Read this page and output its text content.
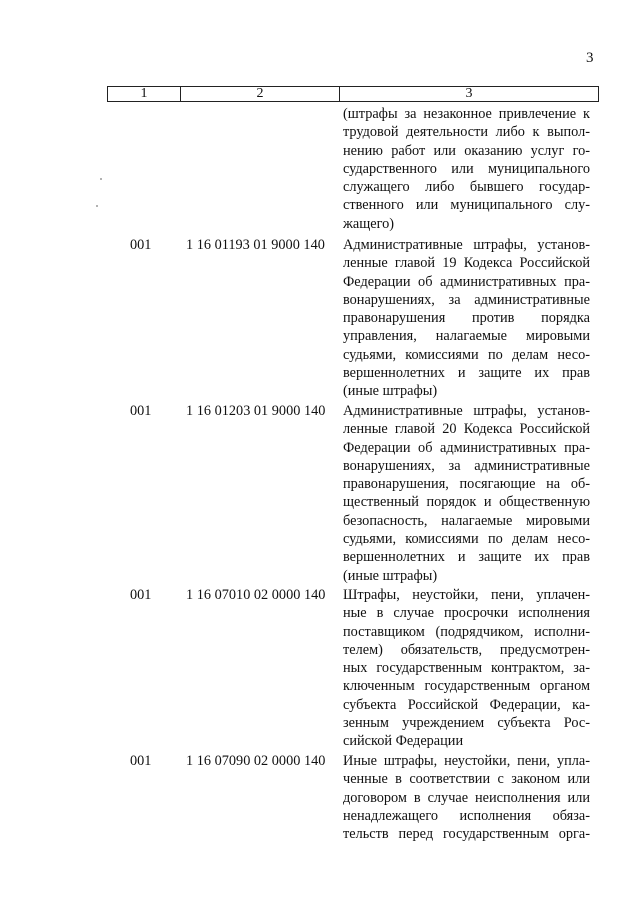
3
1	2	3
(штрафы за незаконное привлечение к
трудовой деятельности либо к выпол-
нению работ или оказанию услуг го-
сударственного или муниципального
служащего либо бывшего государ-
ственного или муниципального слу-
жащего)
001 1 16 01193 01 9000 140 Административные штрафы, установ-
ленные главой 19 Кодекса Российской
Федерации об административных пра-
вонарушениях, за административные
правонарушения против порядка
управления, налагаемые мировыми
судьями, комиссиями по делам несо-
вершеннолетних и защите их прав
(иные штрафы)
001 1 16 01203 01 9000 140 Административные штрафы, установ-
ленные главой 20 Кодекса Российской
Федерации об административных пра-
вонарушениях, за административные
правонарушения, посягающие на об-
щественный порядок и общественную
безопасность, налагаемые мировыми
судьями, комиссиями по делам несо-
вершеннолетних и защите их прав
(иные штрафы)
001 1 16 07010 02 0000 140 Штрафы, неустойки, пени, уплачен-
ные в случае просрочки исполнения
поставщиком (подрядчиком, исполни-
телем) обязательств, предусмотрен-
ных государственным контрактом, за-
ключенным государственным органом
субъекта Российской Федерации, ка-
зенным учреждением субъекта Рос-
сийской Федерации
001 1 16 07090 02 0000 140 Иные штрафы, неустойки, пени, упла-
ченные в соответствии с законом или
договором в случае неисполнения или
ненадлежащего исполнения обяза-
тельств перед государственным орга-
